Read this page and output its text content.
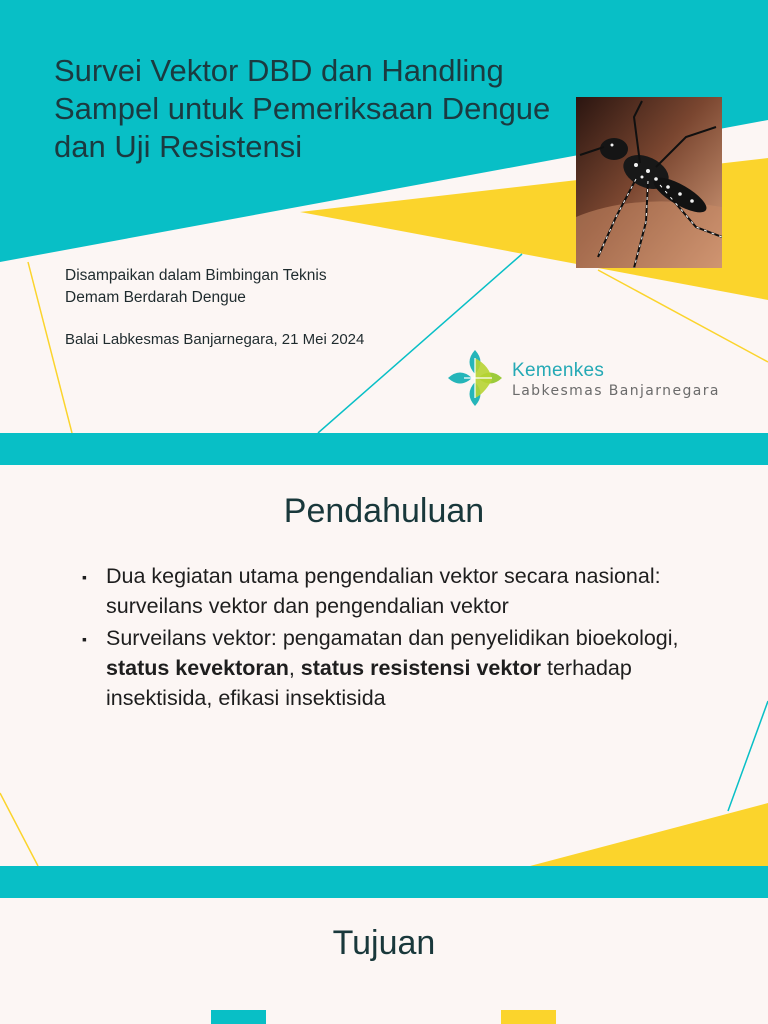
Survei Vektor DBD dan Handling Sampel untuk Pemeriksaan Dengue dan Uji Resistensi
Disampaikan dalam Bimbingan Teknis
Demam Berdarah Dengue
Balai Labkesmas Banjarnegara, 21 Mei 2024
Kemenkes
Labkesmas Banjarnegara
Pendahuluan
▪ Dua kegiatan utama pengendalian vektor secara nasional: surveilans vektor dan pengendalian vektor
▪ Surveilans vektor: pengamatan dan penyelidikan bioekologi, status kevektoran, status resistensi vektor terhadap insektisida, efikasi insektisida
Tujuan
